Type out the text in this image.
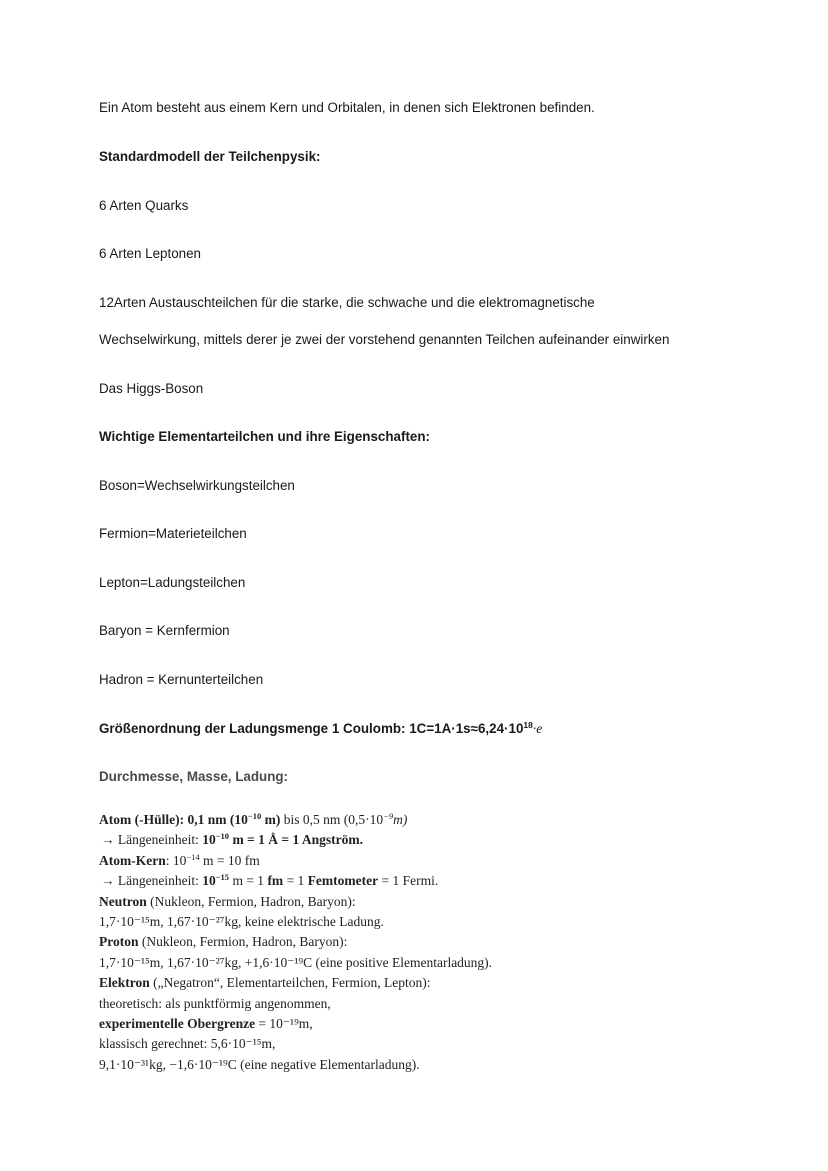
Ein Atom besteht aus einem Kern und Orbitalen, in denen sich Elektronen befinden.
Standardmodell der Teilchenpysik:
6 Arten Quarks
6 Arten Leptonen
12Arten Austauschteilchen für die starke, die schwache und die elektromagnetische
Wechselwirkung, mittels derer je zwei der vorstehend genannten Teilchen aufeinander einwirken
Das Higgs-Boson
Wichtige Elementarteilchen und ihre Eigenschaften:
Boson=Wechselwirkungsteilchen
Fermion=Materieteilchen
Lepton=Ladungsteilchen
Baryon = Kernfermion
Hadron = Kernunterteilchen
Größenordnung der Ladungsmenge 1 Coulomb: $1C=1A\cdot 1s\approx 6,24\cdot 10^{18}\cdot e$
Durchmesse, Masse, Ladung:
Atom (-Hülle): 0,1 nm ($10^{-10}$ m) bis 0,5 nm $(0,5\cdot 10^{-9}m)$
→ Längeneinheit: $10^{-10}$ m = 1 Å = 1 Angström.
Atom-Kern: $10^{-14}$ m = 10 fm
→ Längeneinheit: $10^{-15}$ m = 1 fm = 1 Femtometer = 1 Fermi.
Neutron (Nukleon, Fermion, Hadron, Baryon):
1,7·10⁻¹⁵m, 1,67·10⁻²⁷kg, keine elektrische Ladung.
Proton (Nukleon, Fermion, Hadron, Baryon):
1,7·10⁻¹⁵m, 1,67·10⁻²⁷kg, +1,6·10⁻¹⁹C (eine positive Elementarladung).
Elektron („Negatron“, Elementarteilchen, Fermion, Lepton):
theoretisch: als punktförmig angenommen,
experimentelle Obergrenze = 10⁻¹⁹m,
klassisch gerechnet: 5,6·10⁻¹⁵m,
9,1·10⁻³¹kg, −1,6·10⁻¹⁹C (eine negative Elementarladung).
